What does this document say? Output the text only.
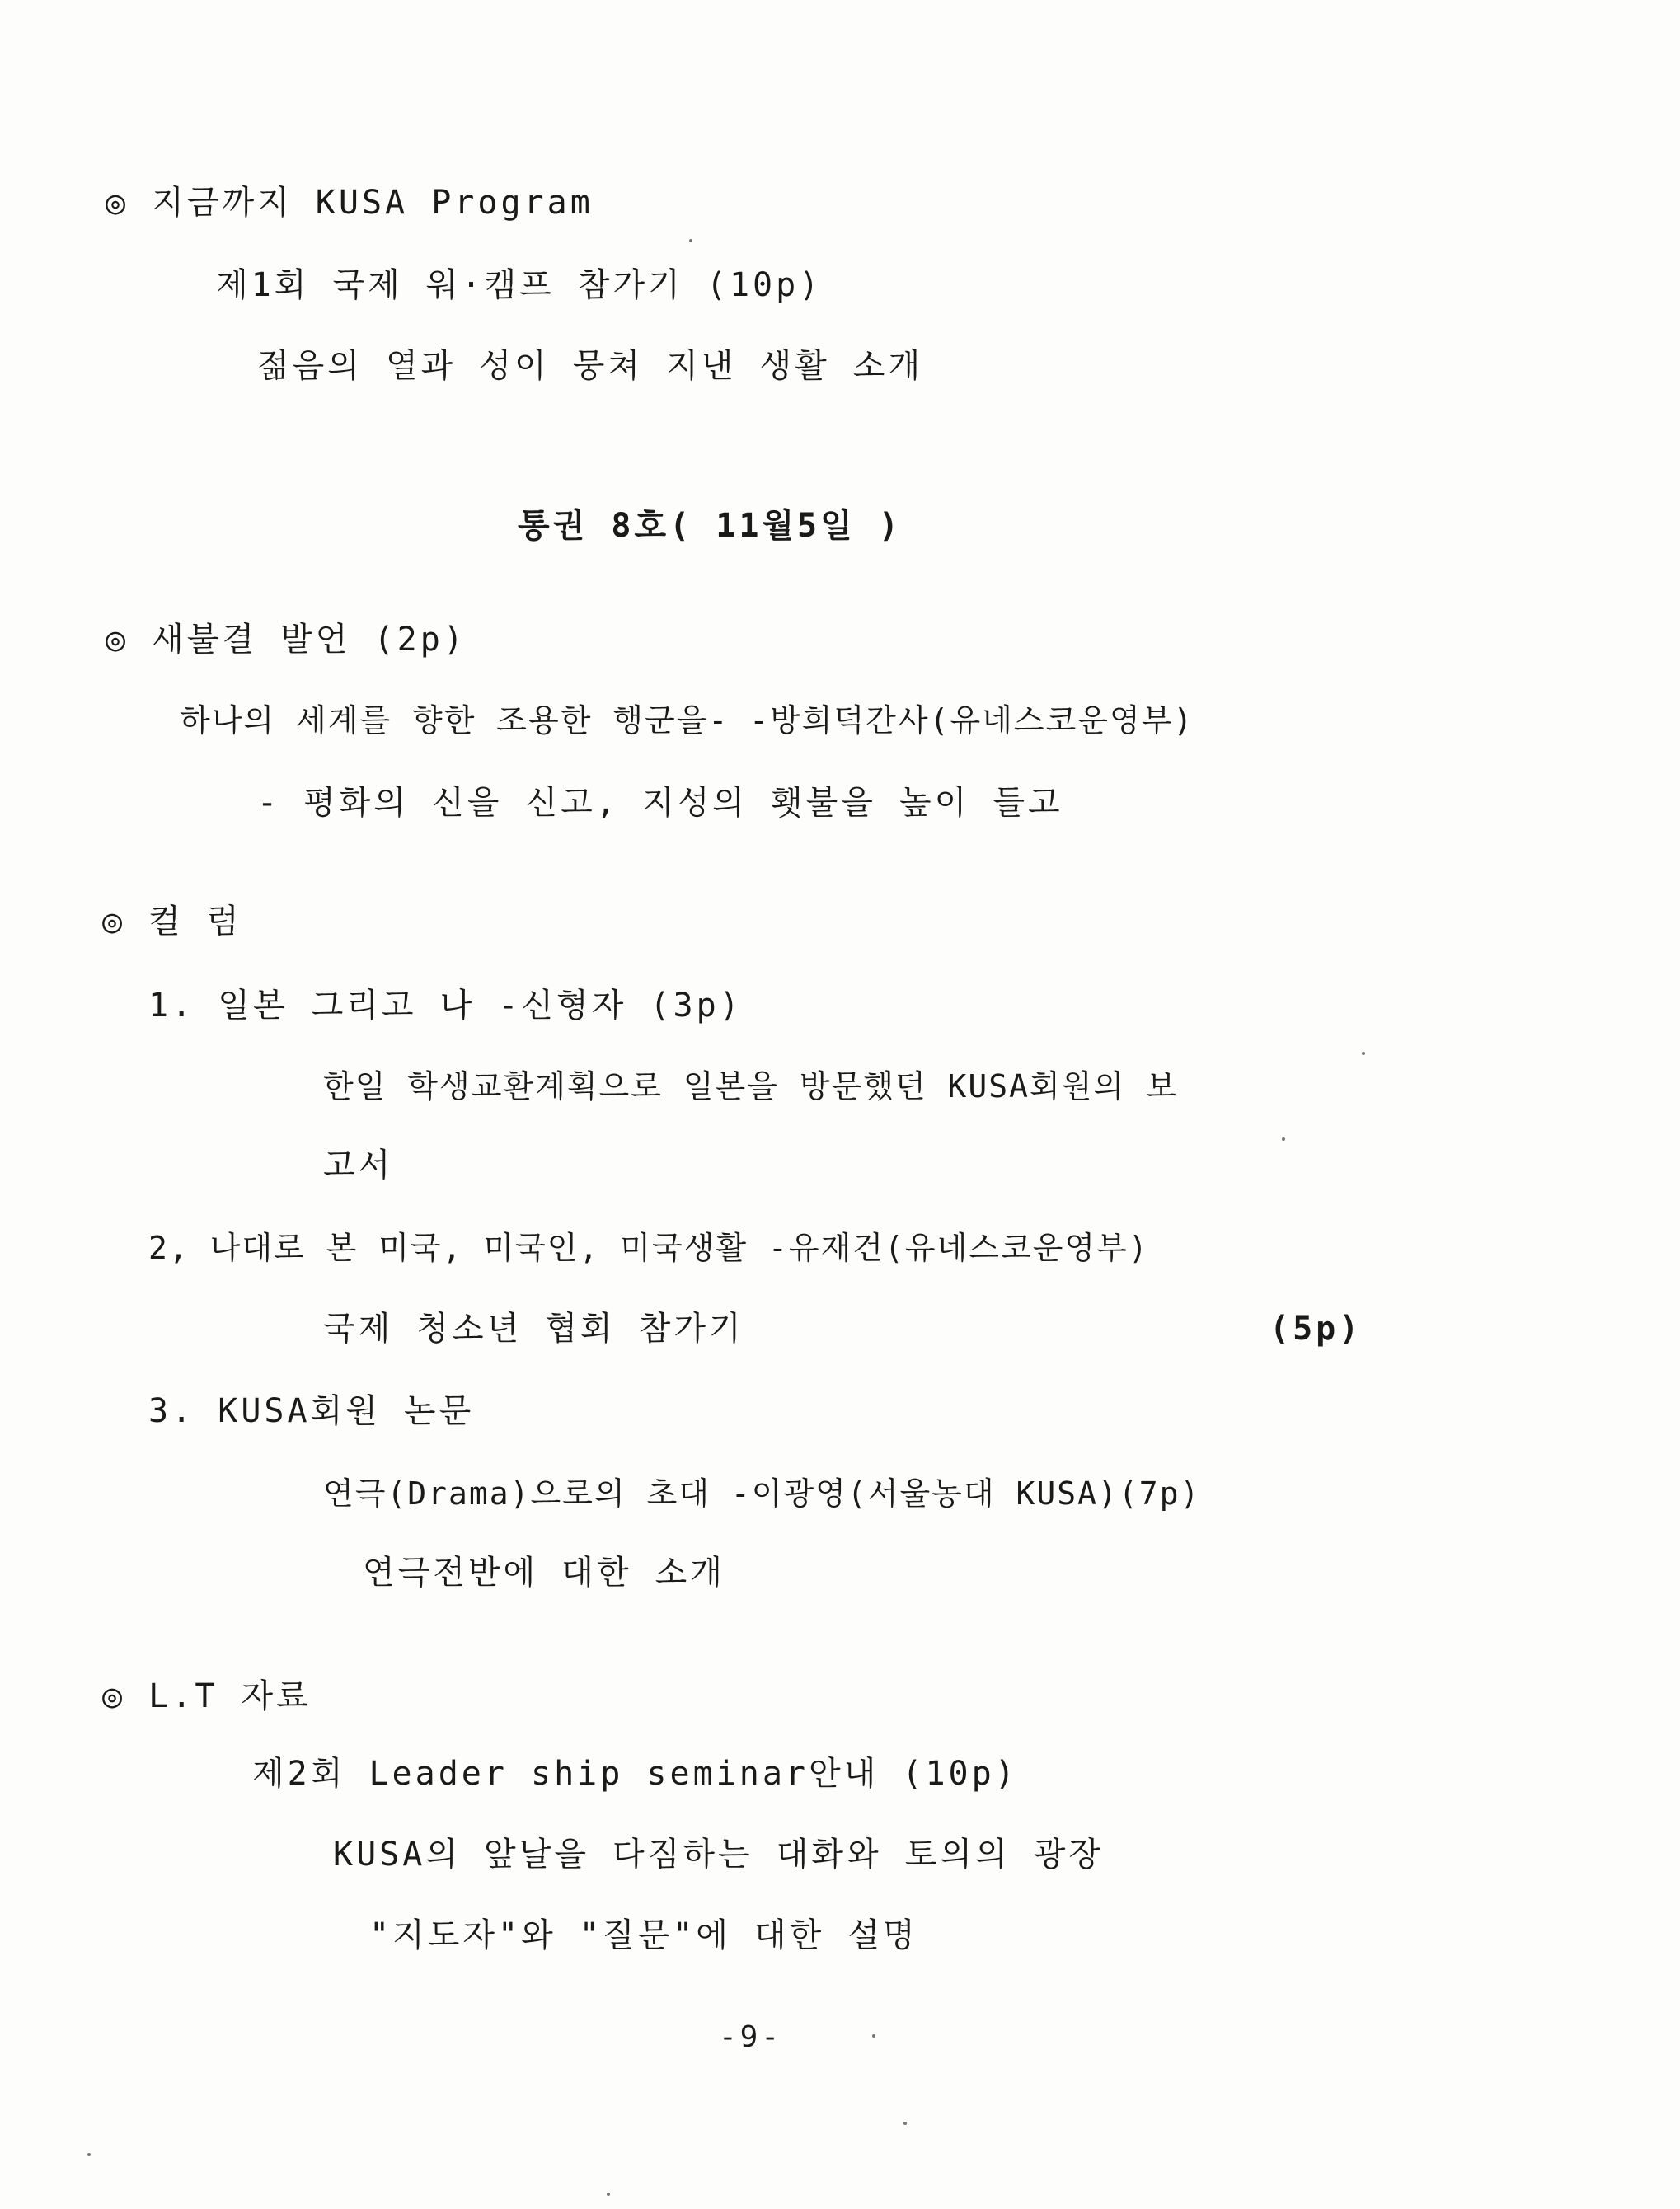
◎ 지금까지 KUSA Program
제1회 국제 워·캠프 참가기 (10p)
젊음의 열과 성이 뭉쳐 지낸 생활 소개
통권 8호( 11월5일 )
◎ 새불결 발언 (2p)
하나의 세계를 향한 조용한 행군을- -방희덕간사(유네스코운영부)
- 평화의 신을 신고, 지성의 횃불을 높이 들고
◎ 컬 럼
1. 일본 그리고 나 -신형자 (3p)
한일 학생교환계획으로 일본을 방문했던 KUSA회원의 보
고서
2, 나대로 본 미국, 미국인, 미국생활 -유재건(유네스코운영부)
국제 청소년 협회 참가기	(5p)
3. KUSA회원 논문
연극(Drama)으로의 초대 -이광영(서울농대 KUSA)(7p)
연극전반에 대한 소개
◎ L.T 자료
제2회 Leader ship seminar안내 (10p)
KUSA의 앞날을 다짐하는 대화와 토의의 광장
"지도자"와 "질문"에 대한 설명
-9-
